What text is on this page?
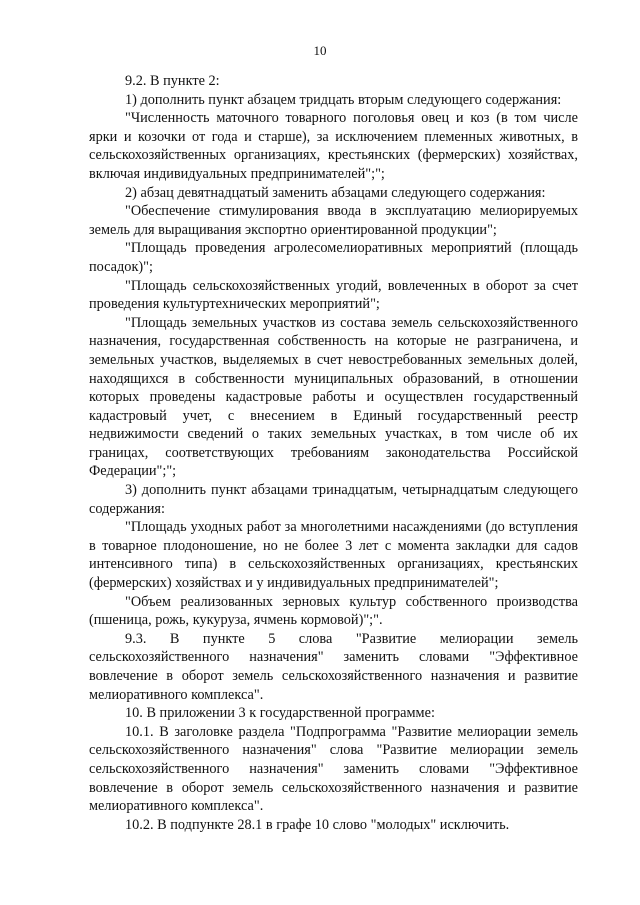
10

9.2. В пункте 2:

1) дополнить пункт абзацем тридцать вторым следующего содержания:

"Численность маточного товарного поголовья овец и коз (в том числе ярки и козочки от года и старше), за исключением племенных животных, в сельскохозяйственных организациях, крестьянских (фермерских) хозяйствах, включая индивидуальных предпринимателей";";

2) абзац девятнадцатый заменить абзацами следующего содержания:

"Обеспечение стимулирования ввода в эксплуатацию мелиорируемых земель для выращивания экспортно ориентированной продукции";

"Площадь проведения агролесомелиоративных мероприятий (площадь посадок)";

"Площадь сельскохозяйственных угодий, вовлеченных в оборот за счет проведения культуртехнических мероприятий";

"Площадь земельных участков из состава земель сельскохозяйственного назначения, государственная собственность на которые не разграничена, и земельных участков, выделяемых в счет невостребованных земельных долей, находящихся в собственности муниципальных образований, в отношении которых проведены кадастровые работы и осуществлен государственный кадастровый учет, с внесением в Единый государственный реестр недвижимости сведений о таких земельных участках, в том числе об их границах, соответствующих требованиям законодательства Российской Федерации";";

3) дополнить пункт абзацами тринадцатым, четырнадцатым следующего содержания:

"Площадь уходных работ за многолетними насаждениями (до вступления в товарное плодоношение, но не более 3 лет с момента закладки для садов интенсивного типа) в сельскохозяйственных организациях, крестьянских (фермерских) хозяйствах и у индивидуальных предпринимателей";

"Объем реализованных зерновых культур собственного производства (пшеница, рожь, кукуруза, ячмень кормовой)";".

9.3. В пункте 5 слова "Развитие мелиорации земель сельскохозяйственного назначения" заменить словами "Эффективное вовлечение в оборот земель сельскохозяйственного назначения и развитие мелиоративного комплекса".

10. В приложении 3 к государственной программе:

10.1. В заголовке раздела "Подпрограмма "Развитие мелиорации земель сельскохозяйственного назначения" слова "Развитие мелиорации земель сельскохозяйственного назначения" заменить словами "Эффективное вовлечение в оборот земель сельскохозяйственного назначения и развитие мелиоративного комплекса".

10.2. В подпункте 28.1 в графе 10 слово "молодых" исключить.
